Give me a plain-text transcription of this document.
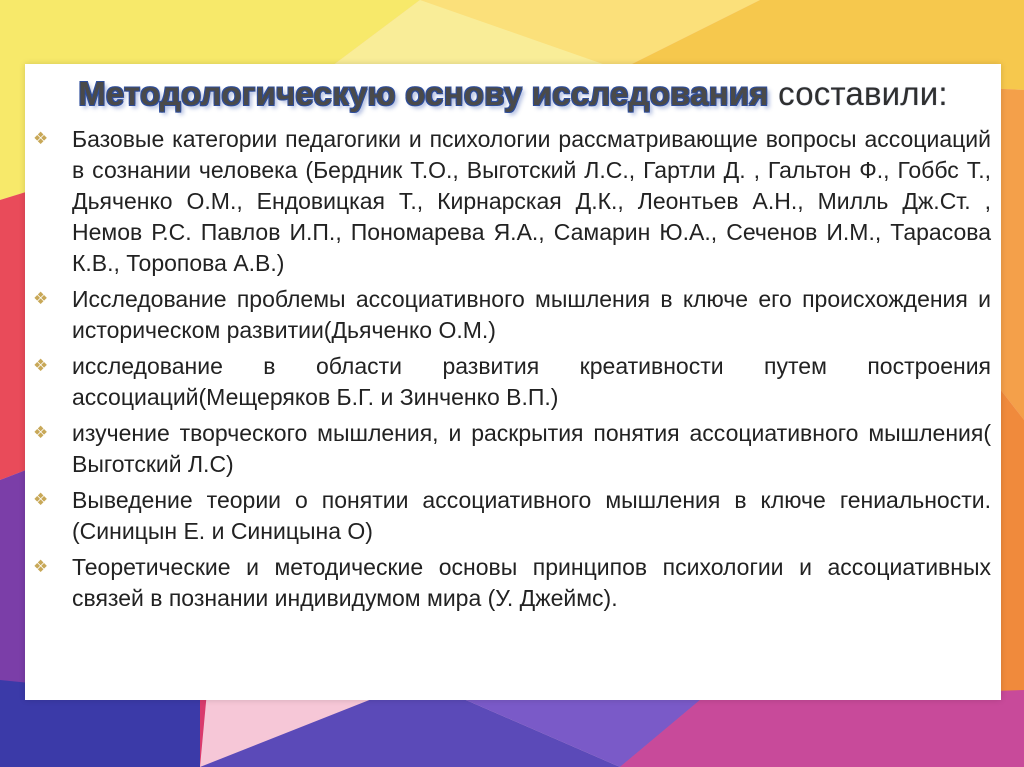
Методологическую основу исследования составили:
❖ Базовые категории педагогики и психологии рассматривающие вопросы ассоциаций в сознании человека (Бердник Т.О., Выготский Л.С., Гартли Д. , Гальтон Ф., Гоббс Т., Дьяченко О.М., Ендовицкая Т., Кирнарская Д.К., Леонтьев А.Н., Милль Дж.Ст. , Немов Р.С. Павлов И.П., Пономарева Я.А., Самарин Ю.А., Сеченов И.М., Тарасова К.В., Торопова А.В.)
❖ Исследование проблемы ассоциативного мышления в ключе его происхождения и историческом развитии(Дьяченко О.М.)
❖ исследование в области развития креативности путем построения ассоциаций(Мещеряков Б.Г. и Зинченко В.П.)
❖ изучение творческого мышления, и раскрытия понятия ассоциативного мышления( Выготский Л.С)
❖ Выведение теории о понятии ассоциативного мышления в ключе гениальности. (Синицын Е. и Синицына О)
❖ Теоретические и методические основы принципов психологии и ассоциативных связей в познании индивидумом мира (У. Джеймс).
